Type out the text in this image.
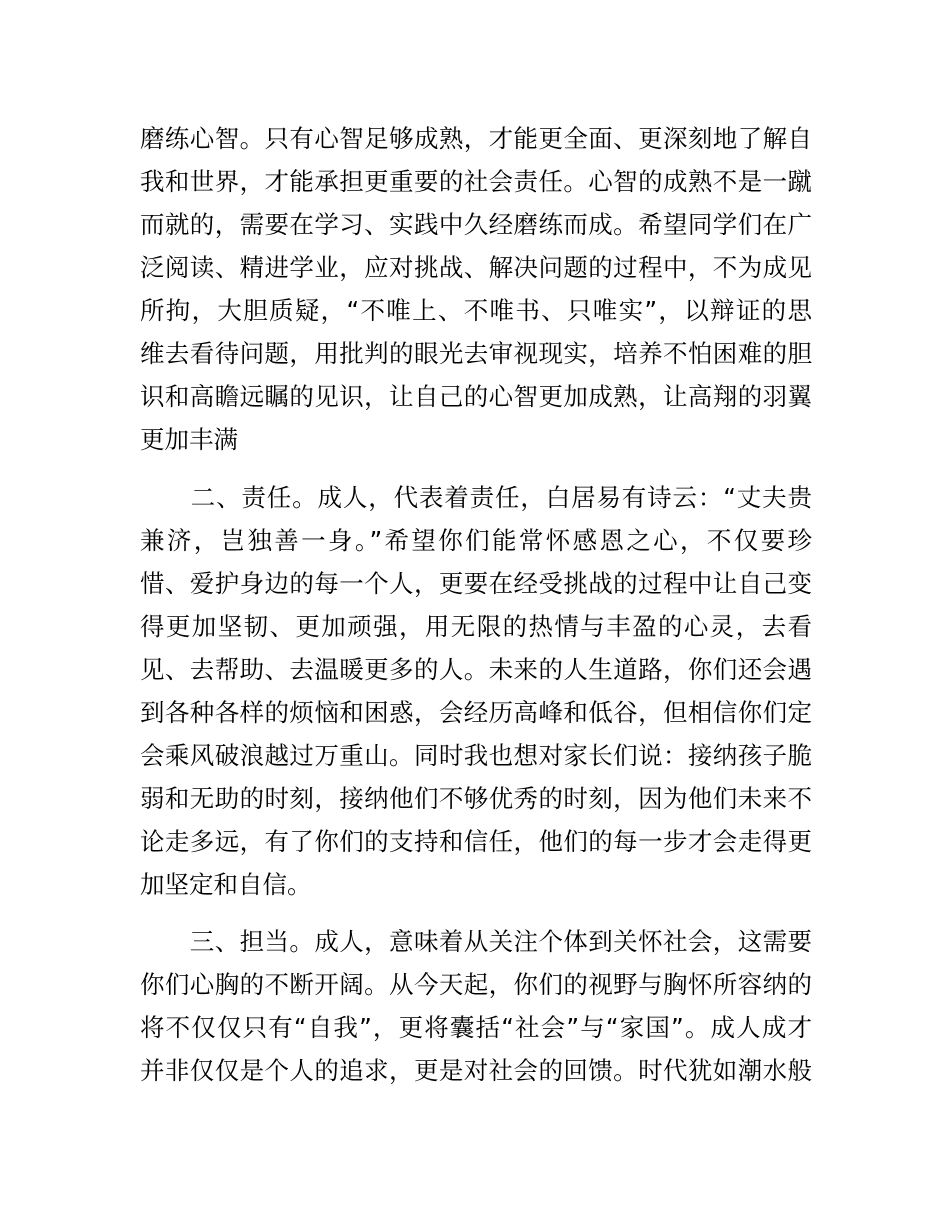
磨练心智。只有心智足够成熟，才能更全面、更深刻地了解自
我和世界，才能承担更重要的社会责任。心智的成熟不是一蹴
而就的，需要在学习、实践中久经磨练而成。希望同学们在广
泛阅读、精进学业，应对挑战、解决问题的过程中，不为成见
所拘，大胆质疑，“不唯上、不唯书、只唯实”，以辩证的思
维去看待问题，用批判的眼光去审视现实，培养不怕困难的胆
识和高瞻远瞩的见识，让自己的心智更加成熟，让高翔的羽翼
更加丰满
　　二、责任。成人，代表着责任，白居易有诗云：“丈夫贵
兼济，岂独善一身。”希望你们能常怀感恩之心，不仅要珍
惜、爱护身边的每一个人，更要在经受挑战的过程中让自己变
得更加坚韧、更加顽强，用无限的热情与丰盈的心灵，去看
见、去帮助、去温暖更多的人。未来的人生道路，你们还会遇
到各种各样的烦恼和困惑，会经历高峰和低谷，但相信你们定
会乘风破浪越过万重山。同时我也想对家长们说：接纳孩子脆
弱和无助的时刻，接纳他们不够优秀的时刻，因为他们未来不
论走多远，有了你们的支持和信任，他们的每一步才会走得更
加坚定和自信。
　　三、担当。成人，意味着从关注个体到关怀社会，这需要
你们心胸的不断开阔。从今天起，你们的视野与胸怀所容纳的
将不仅仅只有“自我”，更将囊括“社会”与“家国”。成人成才
并非仅仅是个人的追求，更是对社会的回馈。时代犹如潮水般
